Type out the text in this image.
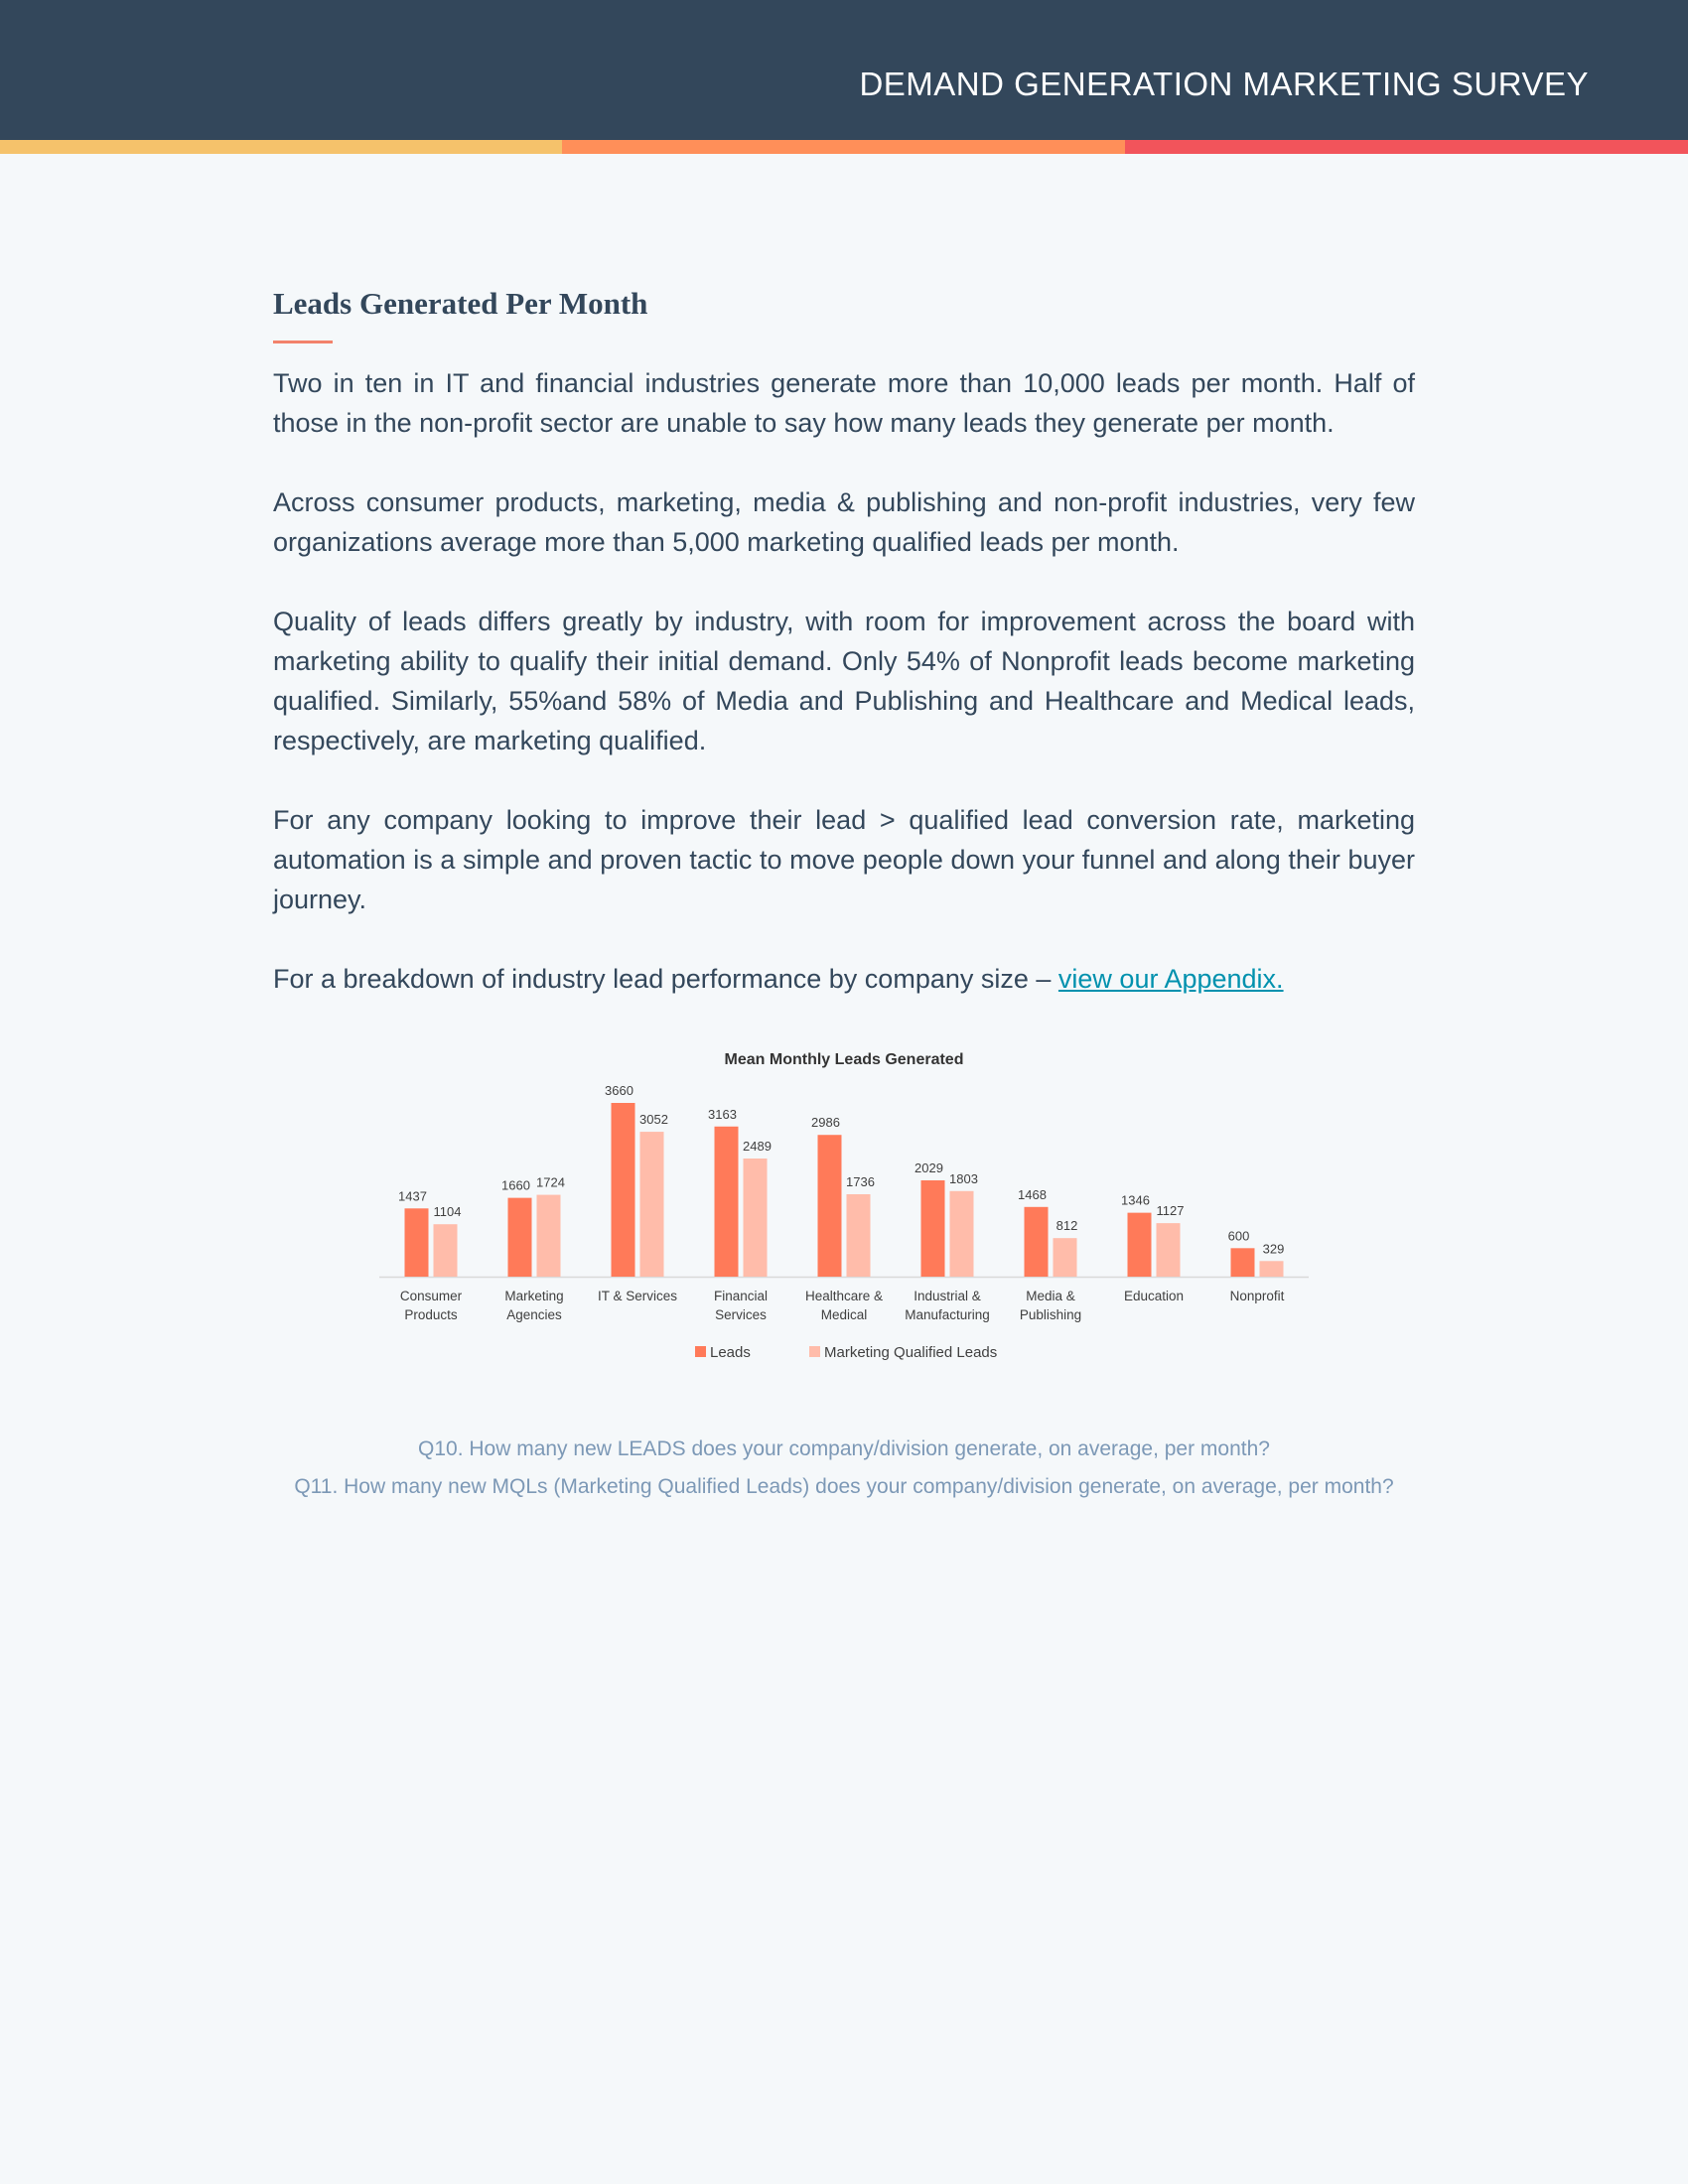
DEMAND GENERATION MARKETING SURVEY
Leads Generated Per Month

Two in ten in IT and financial industries generate more than 10,000 leads per month. Half of those in the non-profit sector are unable to say how many leads they generate per month.

Across consumer products, marketing, media & publishing and non-profit industries, very few organizations average more than 5,000 marketing qualified leads per month.

Quality of leads differs greatly by industry, with room for improvement across the board with marketing ability to qualify their initial demand. Only 54% of Nonprofit leads become marketing qualified. Similarly, 55%and 58% of Media and Publishing and Healthcare and Medical leads, respectively, are marketing qualified.

For any company looking to improve their lead > qualified lead conversion rate, marketing automation is a simple and proven tactic to move people down your funnel and along their buyer journey.

For a breakdown of industry lead performance by company size – view our Appendix.

Mean Monthly Leads Generated
1437
1104
Consumer
Products
1660 1724
Marketing
Agencies
3660
3052
IT & Services
3163
2489
Financial
Services
2986
1736
Healthcare &
Medical
2029
1803
Industrial &
Manufacturing
1468
812
Media &
Publishing
1346
1127
Education
600
329
Nonprofit
Leads	Marketing Qualified Leads

Q10. How many new LEADS does your company/division generate, on average, per month?

Q11. How many new MQLs (Marketing Qualified Leads) does your company/division generate, on average, per month?
